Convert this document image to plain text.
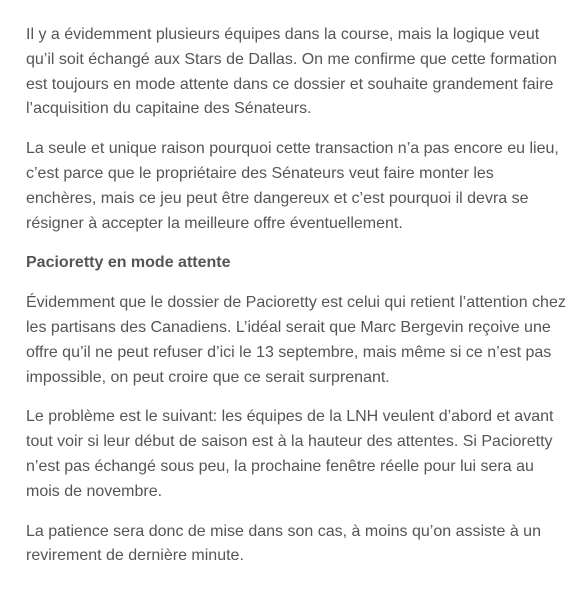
Il y a évidemment plusieurs équipes dans la course, mais la logique veut qu’il soit échangé aux Stars de Dallas. On me confirme que cette formation est toujours en mode attente dans ce dossier et souhaite grandement faire l’acquisition du capitaine des Sénateurs.

La seule et unique raison pourquoi cette transaction n’a pas encore eu lieu, c’est parce que le propriétaire des Sénateurs veut faire monter les enchères, mais ce jeu peut être dangereux et c’est pourquoi il devra se résigner à accepter la meilleure offre éventuellement.

Pacioretty en mode attente

Évidemment que le dossier de Pacioretty est celui qui retient l’attention chez les partisans des Canadiens. L’idéal serait que Marc Bergevin reçoive une offre qu’il ne peut refuser d’ici le 13 septembre, mais même si ce n’est pas impossible, on peut croire que ce serait surprenant.

Le problème est le suivant: les équipes de la LNH veulent d’abord et avant tout voir si leur début de saison est à la hauteur des attentes. Si Pacioretty n’est pas échangé sous peu, la prochaine fenêtre réelle pour lui sera au mois de novembre.

La patience sera donc de mise dans son cas, à moins qu’on assiste à un revirement de dernière minute.
